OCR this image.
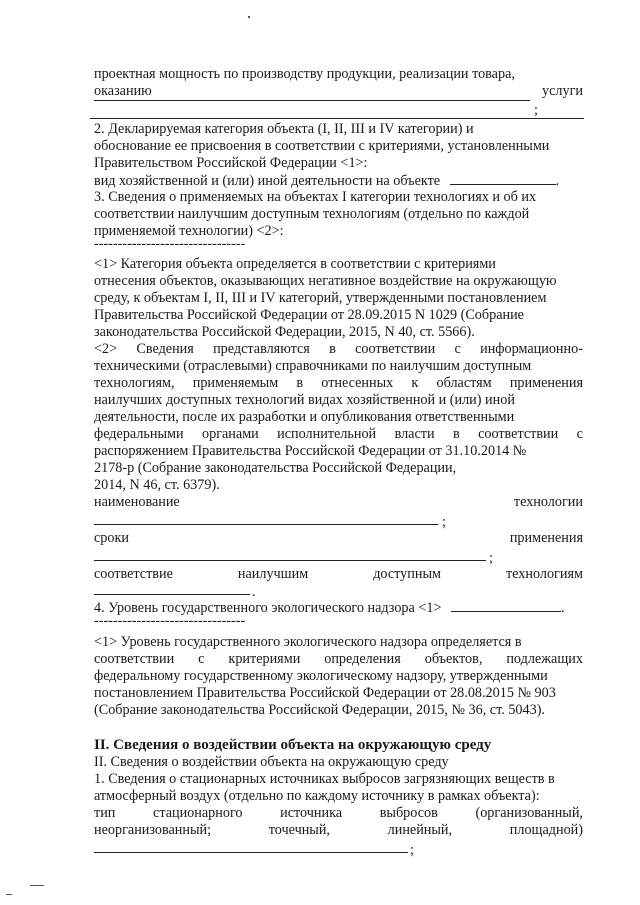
проектная мощность по производству продукции, реализации товара,
оказанию	услуги
;
2. Декларируемая категория объекта (I, II, III и IV категории) и
обоснование ее присвоения в соответствии с критериями, установленными
Правительством Российской Федерации <1>:
вид хозяйственной и (или) иной деятельности на объекте	.
3. Сведения о применяемых на объектах I категории технологиях и об их
соответствии наилучшим доступным технологиям (отдельно по каждой
применяемой технологии) <2>:
--------------------------------
<1> Категория объекта определяется в соответствии с критериями
отнесения объектов, оказывающих негативное воздействие на окружающую
среду, к объектам I, II, III и IV категорий, утвержденными постановлением
Правительства Российской Федерации от 28.09.2015 N 1029 (Собрание
законодательства Российской Федерации, 2015, N 40, ст. 5566).
<2> Сведения представляются в соответствии с информационно-
техническими (отраслевыми) справочниками по наилучшим доступным
технологиям, применяемым в отнесенных к областям применения
наилучших доступных технологий видах хозяйственной и (или) иной
деятельности, после их разработки и опубликования ответственными
федеральными органами исполнительной власти в соответствии с
распоряжением Правительства Российской Федерации от 31.10.2014 №
2178-р (Собрание законодательства Российской Федерации,
2014, N 46, ст. 6379).
наименование	технологии
;
сроки	применения
;
соответствие	наилучшим	доступным	технологиям
.
4. Уровень государственного экологического надзора <1>	.
--------------------------------
<1> Уровень государственного экологического надзора определяется в
соответствии с критериями определения объектов, подлежащих
федеральному государственному экологическому надзору, утвержденными
постановлением Правительства Российской Федерации от 28.08.2015 № 903
(Собрание законодательства Российской Федерации, 2015, № 36, ст. 5043).
II. Сведения о воздействии объекта на окружающую среду
II. Сведения о воздействии объекта на окружающую среду
1. Сведения о стационарных источниках выбросов загрязняющих веществ в
атмосферный воздух (отдельно по каждому источнику в рамках объекта):
тип	стационарного	источника	выбросов	(организованный,
неорганизованный;	точечный,	линейный,	площадной)
;
